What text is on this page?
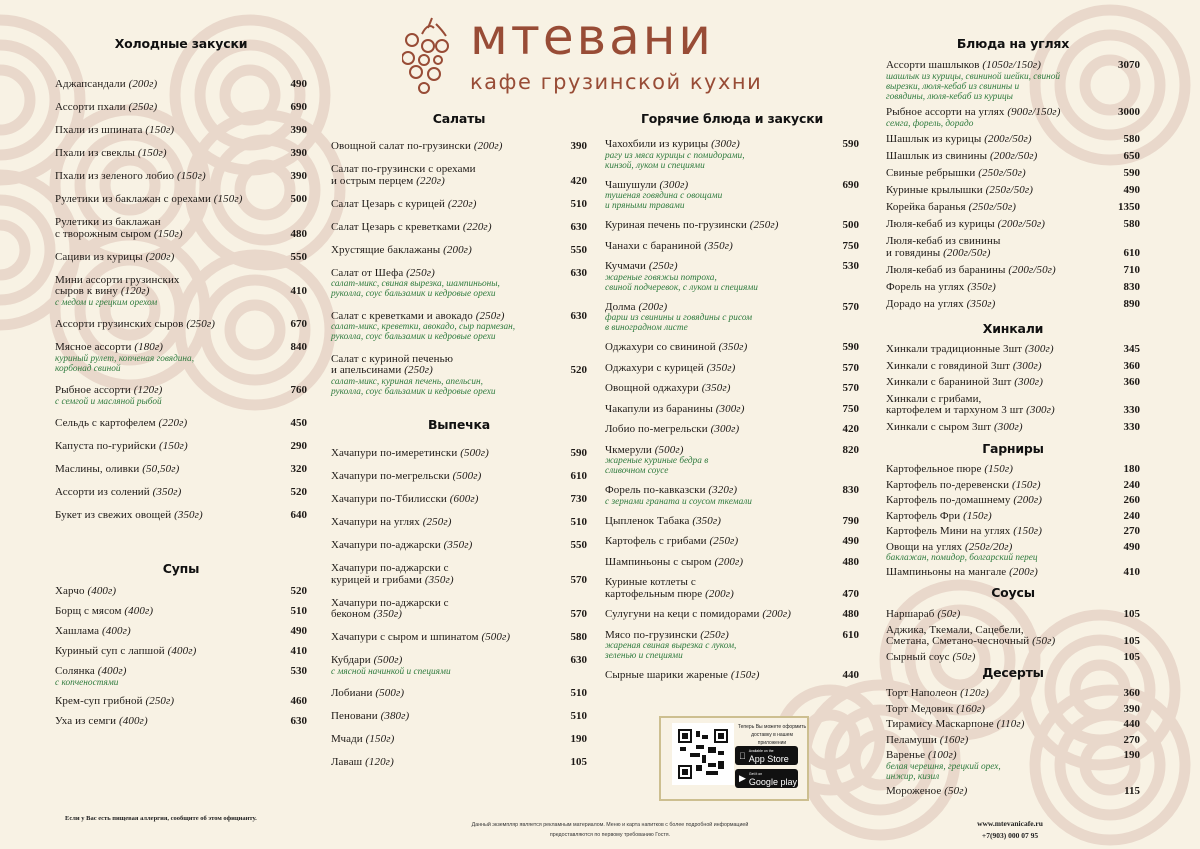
мтевани
кафе грузинской кухни
Холодные закуски
Аджапсандали (200г)	490
Ассорти пхали (250г)	690
Пхали из шпината (150г)	390
Пхали из свеклы (150г)	390
Пхали из зеленого лобио (150г)	390
Рулетики из баклажан с орехами (150г)	500
Рулетики из баклажан
с творожным сыром (150г)	480
Сациви из курицы (200г)	550
Мини ассорти грузинских
сыров к вину (120г)	410
с медом и грецким орехом
Ассорти грузинских сыров (250г)	670
Мясное ассорти (180г)	840
куриный рулет, копченая говядина,
корбонад свиной
Рыбное ассорти (120г)	760
с семгой и масляной рыбой
Сельдь с картофелем (220г)	450
Капуста по-гурийски (150г)	290
Маслины, оливки (50,50г)	320
Ассорти из солений (350г)	520
Букет из свежих овощей (350г)	640
Супы
Харчо (400г)	520
Борщ с мясом (400г)	510
Хашлама (400г)	490
Куриный суп с лапшой (400г)	410
Солянка (400г)	530
с копченостями
Крем-суп грибной (250г)	460
Уха из семги (400г)	630
Салаты
Овощной салат по-грузински (200г)	390
Салат по-грузински с орехами
и острым перцем (220г)	420
Салат Цезарь с курицей (220г)	510
Салат Цезарь с креветками (220г)	630
Хрустящие баклажаны (200г)	550
Салат от Шефа (250г)	630
салат-микс, свиная вырезка, шампиньоны,
руколла, соус бальзамик и кедровые орехи
Салат с креветками и авокадо (250г)	630
салат-микс, креветки, авокадо, сыр пармезан,
руколла, соус бальзамик и кедровые орехи
Салат с куриной печенью
и апельсинами (250г)	520
салат-микс, куриная печень, апельсин,
руколла, соус бальзамик и кедровые орехи
Выпечка
Хачапури по-имеретински (500г)	590
Хачапури по-мегрельски (500г)	610
Хачапури по-Тбилисски (600г)	730
Хачапури на углях (250г)	510
Хачапури по-аджарски (350г)	550
Хачапури по-аджарски с
курицей и грибами (350г)	570
Хачапури по-аджарски с
беконом (350г)	570
Хачапури с сыром и шпинатом (500г)	580
Кубдари (500г)	630
с мясной начинкой и специями
Лобиани (500г)	510
Пеновани (380г)	510
Мчади (150г)	190
Лаваш (120г)	105
Горячие блюда и закуски
Чахохбили из курицы (300г)	590
рагу из мяса курицы с помидорами,
кинзой, луком и специями
Чашушули (300г)	690
тушеная говядина с овощами
и пряными травами
Куриная печень по-грузински (250г)	500
Чанахи с бараниной (350г)	750
Кучмачи (250г)	530
жареные говяжьи потроха,
свиной подчеревок, с луком и специями
Долма (200г)	570
фарш из свинины и говядины с рисом
в виноградном листе
Оджахури со свининой (350г)	590
Оджахури с курицей (350г)	570
Овощной оджахури (350г)	570
Чакапули из баранины (300г)	750
Лобио по-мегрельски (300г)	420
Чкмерули (500г)	820
жареные куриные бедра в
сливочном соусе
Форель по-кавказски (320г)	830
с зернами граната и соусом ткемали
Цыпленок Табака (350г)	790
Картофель с грибами (250г)	490
Шампиньоны с сыром (200г)	480
Куриные котлеты с
картофельным пюре (200г)	470
Сулугуни на кеци с помидорами (200г)	480
Мясо по-грузински (250г)	610
жареная свиная вырезка с луком,
зеленью и специями
Сырные шарики жареные (150г)	440
Блюда на углях
Ассорти шашлыков (1050г/150г)	3070
шашлык из курицы, свининой шейки, свиной
вырезки, люля-кебаб из свинины и
говядины, люля-кебаб из курицы
Рыбное ассорти на углях (900г/150г)	3000
семга, форель, дорадо
Шашлык из курицы (200г/50г)	580
Шашлык из свинины (200г/50г)	650
Свиные ребрышки (250г/50г)	590
Куриные крылышки (250г/50г)	490
Корейка баранья (250г/50г)	1350
Люля-кебаб из курицы (200г/50г)	580
Люля-кебаб из свинины
и говядины (200г/50г)	610
Люля-кебаб из баранины (200г/50г)	710
Форель на углях (350г)	830
Дорадо на углях (350г)	890
Хинкали
Хинкали традиционные 3шт (300г)	345
Хинкали с говядиной 3шт (300г)	360
Хинкали с бараниной 3шт (300г)	360
Хинкали с грибами,
картофелем и тархуном 3 шт (300г)	330
Хинкали с сыром 3шт (300г)	330
Гарниры
Картофельное пюре (150г)	180
Картофель по-деревенски (150г)	240
Картофель по-домашнему (200г)	260
Картофель Фри (150г)	240
Картофель Мини на углях (150г)	270
Овощи на углях (250г/20г)	490
баклажан, помидор, болгарский перец
Шампиньоны на мангале (200г)	410
Соусы
Наршараб (50г)	105
Аджика, Ткемали, Сацебели,
Сметана, Сметано-чесночный (50г)	105
Сырный соус (50г)	105
Десерты
Торт Наполеон (120г)	360
Торт Медовик (160г)	390
Тирамису Маскарпоне (110г)	440
Пеламуши (160г)	270
Варенье (100г)	190
белая черешня, грецкий орех,
инжир, кизил
Мороженое (50г)	115
Теперь Вы можете оформить доставку в нашем приложении
Available on the
App Store
▶ Get it on
Google play
Если у Вас есть пищевая аллергия, сообщите об этом официанту.
Данный экземпляр является рекламным материалом. Меню и карта напитков с более подробной информацией предоставляются по первому требованию Гостя.
www.mtevanicafe.ru
+7(903) 000 07 95
